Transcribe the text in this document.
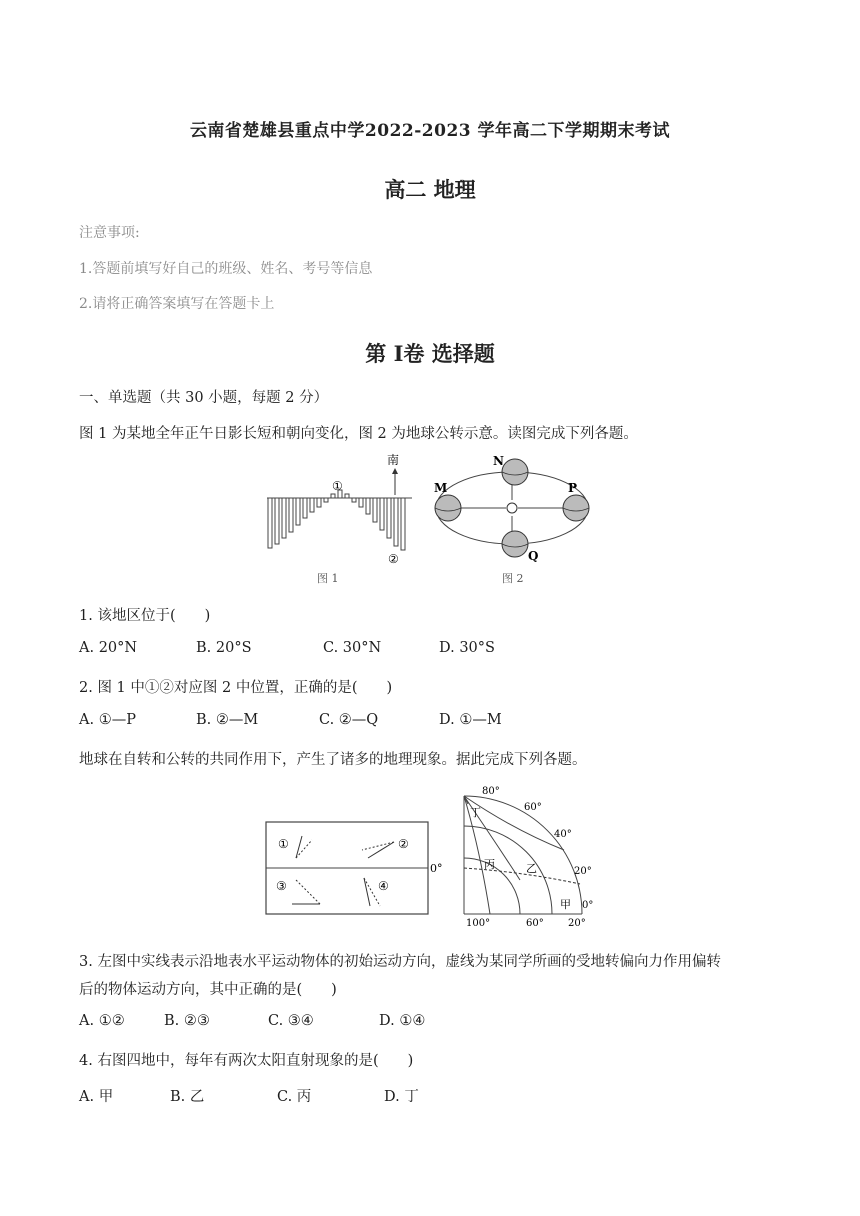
云南省楚雄县重点中学2022-2023 学年高二下学期期末考试
高二 地理
注意事项:
1.答题前填写好自己的班级、姓名、考号等信息
2.请将正确答案填写在答题卡上
第 Ⅰ卷 选择题
一、单选题（共 30 小题，每题 2 分）
图 1 为某地全年正午日影长短和朝向变化，图 2 为地球公转示意。读图完成下列各题。
①
②
南
图 1
N
M	P
Q
图 2
1. 该地区位于(　　)
A. 20°N	B. 20°S	C. 30°N	D. 30°S
2. 图 1 中①②对应图 2 中位置，正确的是(　　)
A. ①—P	B. ②—M	C. ②—Q	D. ①—M
地球在自转和公转的共同作用下，产生了诸多的地理现象。据此完成下列各题。
0°
①	②
③	④
80°
60°
40°
20°
0°
100°	60° 20°
丁
丙	乙
甲
3. 左图中实线表示沿地表水平运动物体的初始运动方向，虚线为某同学所画的受地转偏向力作用偏转
后的物体运动方向，其中正确的是(　　)
A. ①②	B. ②③	C. ③④	D. ①④
4. 右图四地中，每年有两次太阳直射现象的是(　　)
A. 甲	B. 乙	C. 丙	D. 丁
